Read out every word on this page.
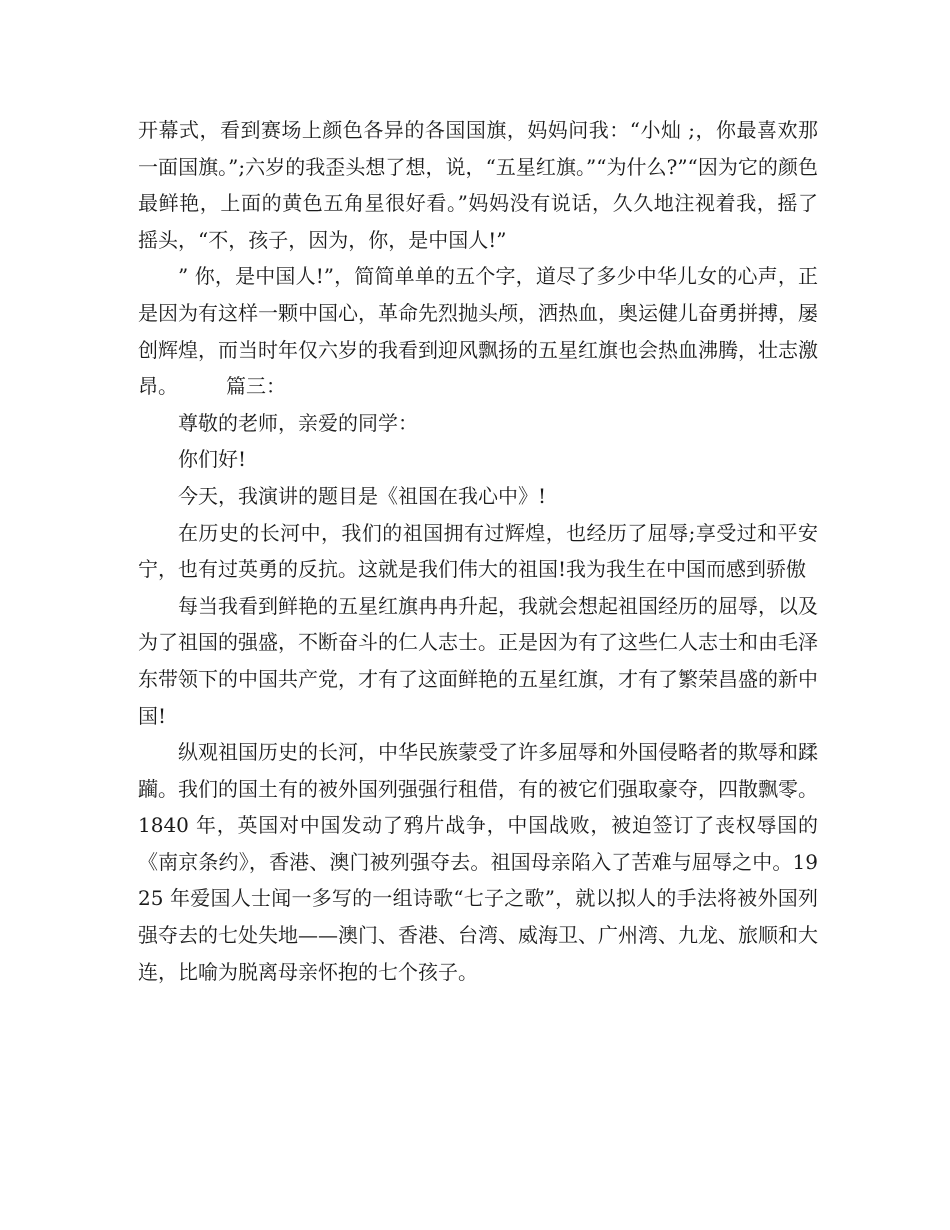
开幕式，看到赛场上颜色各异的各国国旗，妈妈问我：“小灿 ;，你最喜欢那一面国旗。”;六岁的我歪头想了想，说，“五星红旗。”“为什么?”“因为它的颜色最鲜艳，上面的黄色五角星很好看。”妈妈没有说话，久久地注视着我，摇了摇头，“不，孩子，因为，你，是中国人!”

” 你，是中国人!”，简简单单的五个字，道尽了多少中华儿女的心声，正是因为有这样一颗中国心，革命先烈抛头颅，洒热血，奥运健儿奋勇拼搏，屡创辉煌，而当时年仅六岁的我看到迎风飘扬的五星红旗也会热血沸腾，壮志激昂。 篇三：

尊敬的老师，亲爱的同学：

你们好!

今天，我演讲的题目是《祖国在我心中》!

在历史的长河中，我们的祖国拥有过辉煌，也经历了屈辱;享受过和平安宁，也有过英勇的反抗。这就是我们伟大的祖国!我为我生在中国而感到骄傲

每当我看到鲜艳的五星红旗冉冉升起，我就会想起祖国经历的屈辱，以及为了祖国的强盛，不断奋斗的仁人志士。正是因为有了这些仁人志士和由毛泽东带领下的中国共产党，才有了这面鲜艳的五星红旗，才有了繁荣昌盛的新中国!

纵观祖国历史的长河，中华民族蒙受了许多屈辱和外国侵略者的欺辱和蹂躏。我们的国土有的被外国列强强行租借，有的被它们强取豪夺，四散飘零。1840 年，英国对中国发动了鸦片战争，中国战败，被迫签订了丧权辱国的《南京条约》，香港、澳门被列强夺去。祖国母亲陷入了苦难与屈辱之中。1925 年爱国人士闻一多写的一组诗歌“七子之歌”，就以拟人的手法将被外国列强夺去的七处失地——澳门、香港、台湾、威海卫、广州湾、九龙、旅顺和大连，比喻为脱离母亲怀抱的七个孩子。
